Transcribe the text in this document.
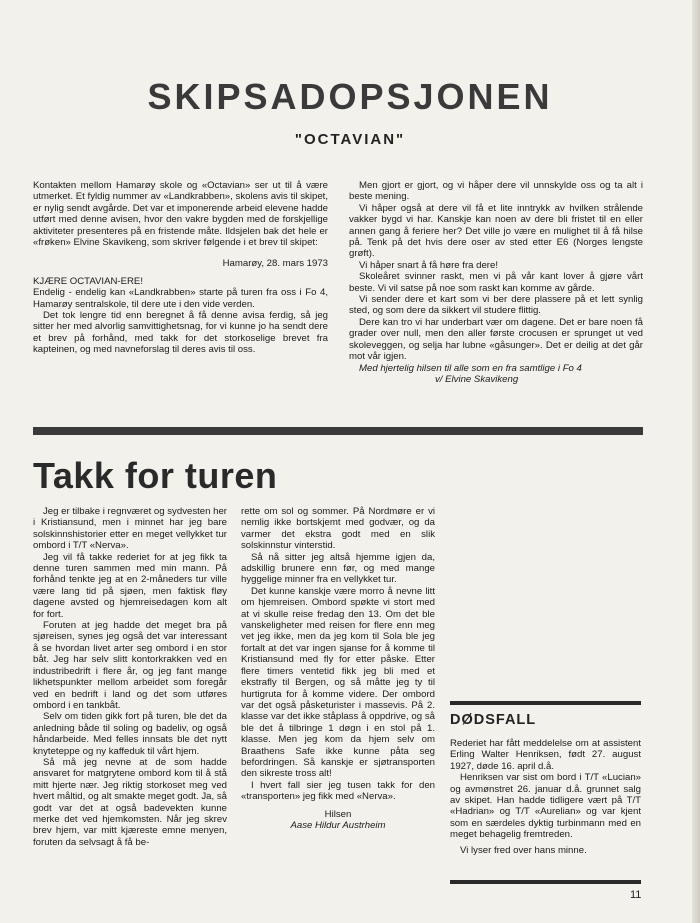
SKIPSADOPSJONEN
"OCTAVIAN"

Kontakten mellom Hamarøy skole og «Octavian» ser ut til å være utmerket. Et fyldig nummer av «Landkrabben», skolens avis til skipet, er nylig sendt avgårde. Det var et imponerende arbeid elevene hadde utført med denne avisen, hvor den vakre bygden med de forskjellige aktiviteter presenteres på en fristende måte. Ildsjelen bak det hele er «frøken» Elvine Skavikeng, som skriver følgende i et brev til skipet:

Hamarøy, 28. mars 1973

KJÆRE OCTAVIAN-ERE!

Endelig - endelig kan «Landkrabben» starte på turen fra oss i Fo 4, Hamarøy sentralskole, til dere ute i den vide verden.

Det tok lengre tid enn beregnet å få denne avisa ferdig, så jeg sitter her med alvorlig samvittighetsnag, for vi kunne jo ha sendt dere et brev på forhånd, med takk for det storkoselige brevet fra kapteinen, og med navneforslag til deres avis til oss.

Men gjort er gjort, og vi håper dere vil unnskylde oss og ta alt i beste mening.

Vi håper også at dere vil få et lite inntrykk av hvilken strålende vakker bygd vi har. Kanskje kan noen av dere bli fristet til en eller annen gang å feriere her? Det ville jo være en mulighet til å få hilse på. Tenk på det hvis dere oser av sted etter E6 (Norges lengste grøft).

Vi håper snart å få høre fra dere!

Skoleåret svinner raskt, men vi på vår kant lover å gjøre vårt beste. Vi vil satse på noe som raskt kan komme av gårde.

Vi sender dere et kart som vi ber dere plassere på et lett synlig sted, og som dere da sikkert vil studere flittig.

Dere kan tro vi har underbart vær om dagene. Det er bare noen få grader over null, men den aller første crocusen er sprunget ut ved skoleveggen, og selja har lubne «gåsunger». Det er deilig at det går mot vår igjen.

Med hjertelig hilsen til alle som en fra samtlige i Fo 4

v/ Elvine Skavikeng

Takk for turen

Jeg er tilbake i regnværet og sydvesten her i Kristiansund, men i minnet har jeg bare solskinnshistorier etter en meget vellykket tur ombord i T/T «Nerva».

Jeg vil få takke rederiet for at jeg fikk ta denne turen sammen med min mann. På forhånd tenkte jeg at en 2-måneders tur ville være lang tid på sjøen, men faktisk fløy dagene avsted og hjemreisedagen kom alt for fort.

Foruten at jeg hadde det meget bra på sjøreisen, synes jeg også det var interessant å se hvordan livet arter seg ombord i en stor båt. Jeg har selv slitt kontorkrakken ved en industribedrift i flere år, og jeg fant mange likhetspunkter mellom arbeidet som foregår ved en bedrift i land og det som utføres ombord i en tankbåt.

Selv om tiden gikk fort på turen, ble det da anledning både til soling og badeliv, og også håndarbeide. Med felles innsats ble det nytt knyteteppe og ny kaffeduk til vårt hjem.

Så må jeg nevne at de som hadde ansvaret for matgrytene ombord kom til å stå mitt hjerte nær. Jeg riktig storkoset meg ved hvert måltid, og alt smakte meget godt. Ja, så godt var det at også badevekten kunne merke det ved hjemkomsten. Når jeg skrev brev hjem, var mitt kjæreste emne menyen, foruten da selvsagt å få be-

rette om sol og sommer. På Nordmøre er vi nemlig ikke bortskjemt med godvær, og da varmer det ekstra godt med en slik solskinnstur vinterstid.

Så nå sitter jeg altså hjemme igjen da, adskillig brunere enn før, og med mange hyggelige minner fra en vellykket tur.

Det kunne kanskje være morro å nevne litt om hjemreisen. Ombord spøkte vi stort med at vi skulle reise fredag den 13. Om det ble vanskeligheter med reisen for flere enn meg vet jeg ikke, men da jeg kom til Sola ble jeg fortalt at det var ingen sjanse for å komme til Kristiansund med fly for etter påske. Etter flere timers ventetid fikk jeg bli med et ekstrafly til Bergen, og så måtte jeg ty til hurtigruta for å komme videre. Der ombord var det også påsketurister i massevis. På 2. klasse var det ikke ståplass å oppdrive, og så ble det å tilbringe 1 døgn i en stol på 1. klasse. Men jeg kom da hjem selv om Braathens Safe ikke kunne påta seg befordringen. Så kanskje er sjøtransporten den sikreste tross alt!

I hvert fall sier jeg tusen takk for den «transporten» jeg fikk med «Nerva».

Hilsen

Aase Hildur Austrheim

DØDSFALL

Rederiet har fått meddelelse om at assistent Erling Walter Henriksen, født 27. august 1927, døde 16. april d.å.

Henriksen var sist om bord i T/T «Lucian» og avmønstret 26. januar d.å. grunnet salg av skipet. Han hadde tidligere vært på T/T «Hadrian» og T/T «Aurelian» og var kjent som en særdeles dyktig turbinmann med en meget behagelig fremtreden.

Vi lyser fred over hans minne.

11
